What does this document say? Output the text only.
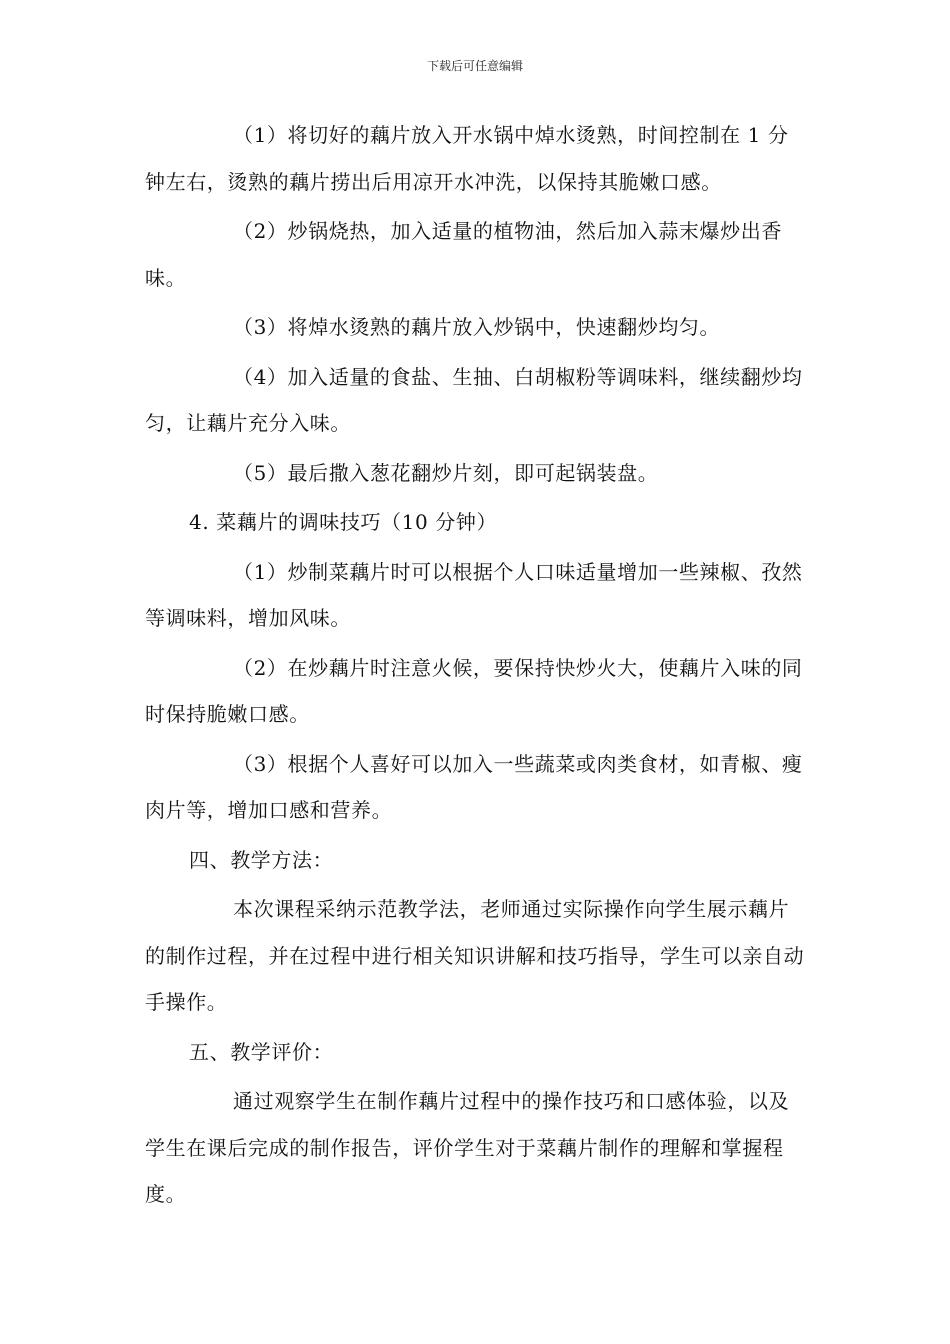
下载后可任意编辑

（1）将切好的藕片放入开水锅中焯水烫熟，时间控制在 1 分钟左右，烫熟的藕片捞出后用凉开水冲洗，以保持其脆嫩口感。

（2）炒锅烧热，加入适量的植物油，然后加入蒜末爆炒出香味。

（3）将焯水烫熟的藕片放入炒锅中，快速翻炒均匀。

（4）加入适量的食盐、生抽、白胡椒粉等调味料，继续翻炒均匀，让藕片充分入味。

（5）最后撒入葱花翻炒片刻，即可起锅装盘。

4. 菜藕片的调味技巧（10 分钟）

（1）炒制菜藕片时可以根据个人口味适量增加一些辣椒、孜然等调味料，增加风味。

（2）在炒藕片时注意火候，要保持快炒火大，使藕片入味的同时保持脆嫩口感。

（3）根据个人喜好可以加入一些蔬菜或肉类食材，如青椒、瘦肉片等，增加口感和营养。

四、教学方法：

本次课程采纳示范教学法，老师通过实际操作向学生展示藕片的制作过程，并在过程中进行相关知识讲解和技巧指导，学生可以亲自动手操作。

五、教学评价：

通过观察学生在制作藕片过程中的操作技巧和口感体验，以及学生在课后完成的制作报告，评价学生对于菜藕片制作的理解和掌握程度。
